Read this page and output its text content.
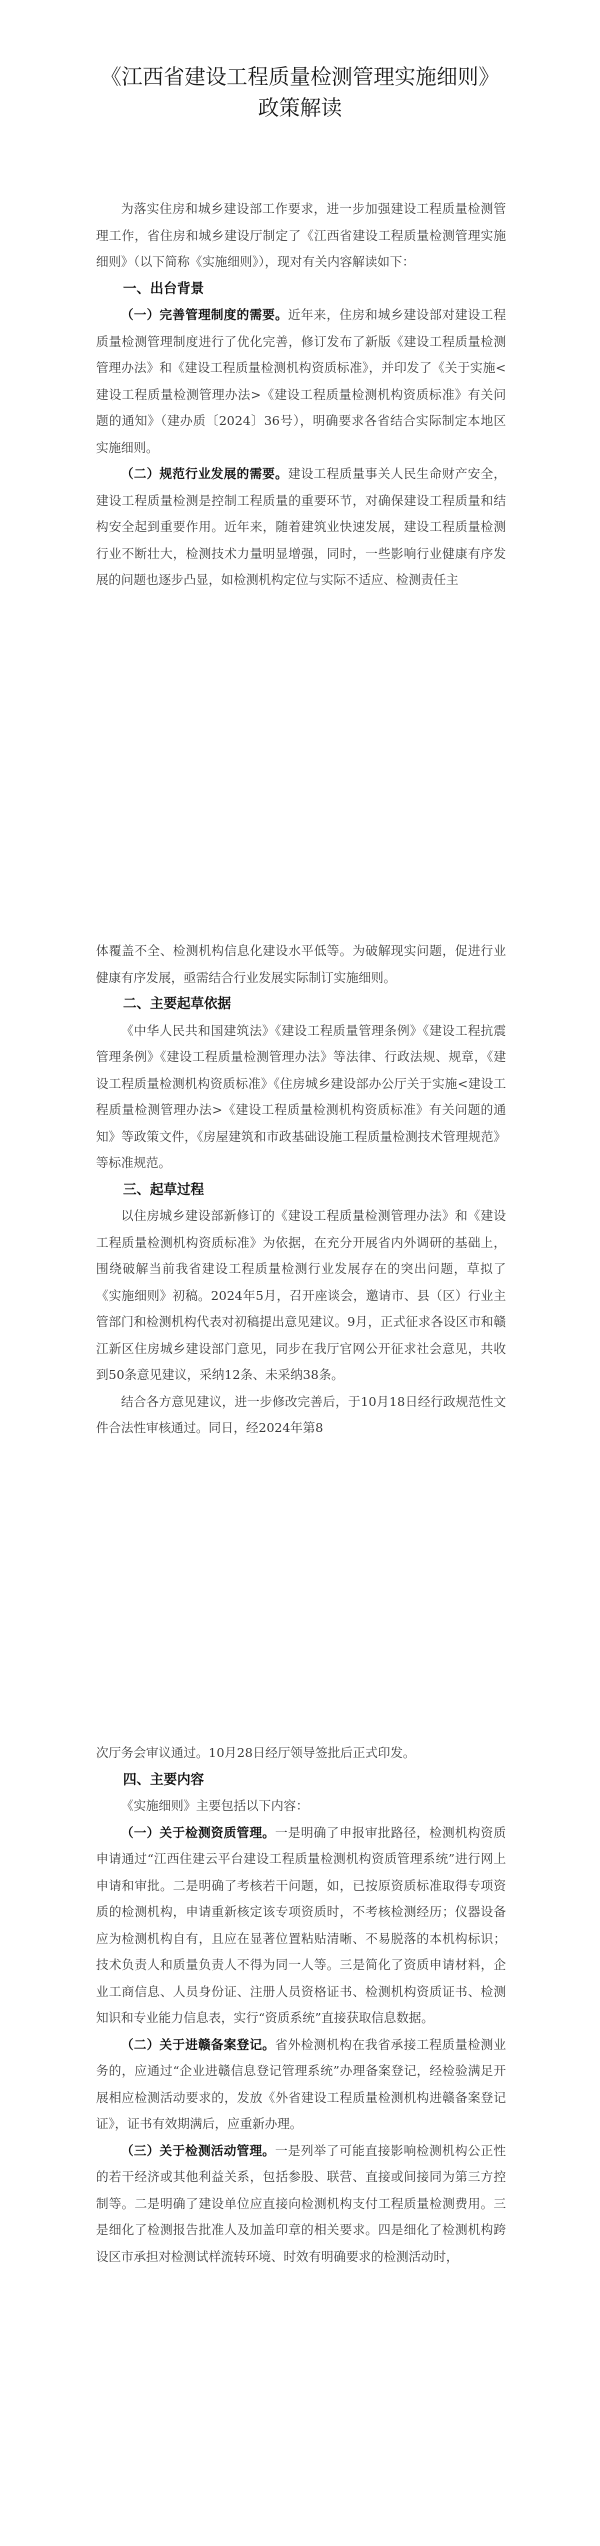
《江西省建设工程质量检测管理实施细则》
政策解读

为落实住房和城乡建设部工作要求，进一步加强建设工程质量检测管理工作，省住房和城乡建设厅制定了《江西省建设工程质量检测管理实施细则》（以下简称《实施细则》），现对有关内容解读如下：

一、出台背景

（一）完善管理制度的需要。近年来，住房和城乡建设部对建设工程质量检测管理制度进行了优化完善，修订发布了新版《建设工程质量检测管理办法》和《建设工程质量检测机构资质标准》，并印发了《关于实施<建设工程质量检测管理办法>《建设工程质量检测机构资质标准》有关问题的通知》（建办质〔2024〕36号），明确要求各省结合实际制定本地区实施细则。

（二）规范行业发展的需要。建设工程质量事关人民生命财产安全，建设工程质量检测是控制工程质量的重要环节，对确保建设工程质量和结构安全起到重要作用。近年来，随着建筑业快速发展，建设工程质量检测行业不断壮大，检测技术力量明显增强，同时，一些影响行业健康有序发展的问题也逐步凸显，如检测机构定位与实际不适应、检测责任主

体覆盖不全、检测机构信息化建设水平低等。为破解现实问题，促进行业健康有序发展，亟需结合行业发展实际制订实施细则。

二、主要起草依据

《中华人民共和国建筑法》《建设工程质量管理条例》《建设工程抗震管理条例》《建设工程质量检测管理办法》等法律、行政法规、规章，《建设工程质量检测机构资质标准》《住房城乡建设部办公厅关于实施<建设工程质量检测管理办法>《建设工程质量检测机构资质标准》有关问题的通知》等政策文件，《房屋建筑和市政基础设施工程质量检测技术管理规范》等标准规范。

三、起草过程

以住房城乡建设部新修订的《建设工程质量检测管理办法》和《建设工程质量检测机构资质标准》为依据，在充分开展省内外调研的基础上，围绕破解当前我省建设工程质量检测行业发展存在的突出问题，草拟了《实施细则》初稿。2024年5月，召开座谈会，邀请市、县（区）行业主管部门和检测机构代表对初稿提出意见建议。9月，正式征求各设区市和赣江新区住房城乡建设部门意见，同步在我厅官网公开征求社会意见，共收到50条意见建议，采纳12条、未采纳38条。

结合各方意见建议，进一步修改完善后，于10月18日经行政规范性文件合法性审核通过。同日，经2024年第8

次厅务会审议通过。10月28日经厅领导签批后正式印发。

四、主要内容

《实施细则》主要包括以下内容：

（一）关于检测资质管理。一是明确了申报审批路径，检测机构资质申请通过“江西住建云平台建设工程质量检测机构资质管理系统”进行网上申请和审批。二是明确了考核若干问题，如，已按原资质标准取得专项资质的检测机构，申请重新核定该专项资质时，不考核检测经历；仪器设备应为检测机构自有，且应在显著位置粘贴清晰、不易脱落的本机构标识；技术负责人和质量负责人不得为同一人等。三是简化了资质申请材料，企业工商信息、人员身份证、注册人员资格证书、检测机构资质证书、检测知识和专业能力信息表，实行“资质系统”直接获取信息数据。

（二）关于进赣备案登记。省外检测机构在我省承接工程质量检测业务的，应通过“企业进赣信息登记管理系统”办理备案登记，经检验满足开展相应检测活动要求的，发放《外省建设工程质量检测机构进赣备案登记证》，证书有效期满后，应重新办理。

（三）关于检测活动管理。一是列举了可能直接影响检测机构公正性的若干经济或其他利益关系，包括参股、联营、直接或间接同为第三方控制等。二是明确了建设单位应直接向检测机构支付工程质量检测费用。三是细化了检测报告批准人及加盖印章的相关要求。四是细化了检测机构跨设区市承担对检测试样流转环境、时效有明确要求的检测活动时，
